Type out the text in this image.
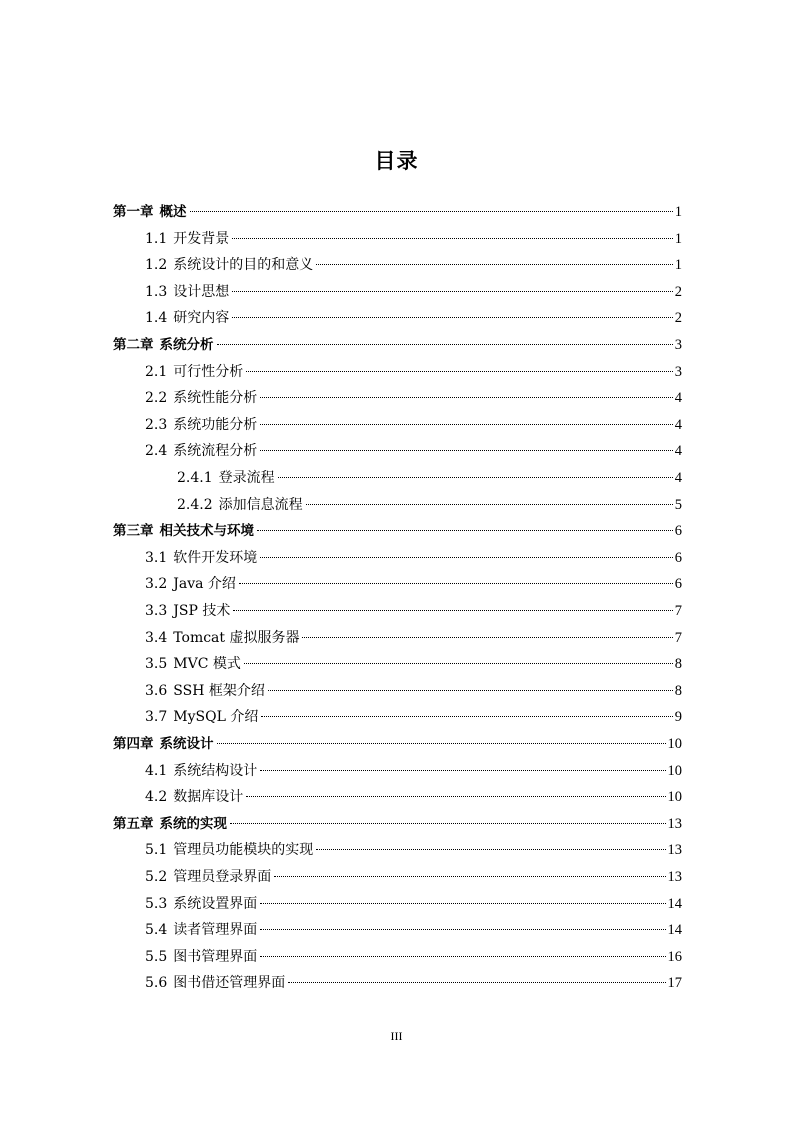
目录
第一章 概述	1
1.1 开发背景	1
1.2 系统设计的目的和意义	1
1.3 设计思想	2
1.4 研究内容	2
第二章 系统分析	3
2.1 可行性分析	3
2.2 系统性能分析	4
2.3 系统功能分析	4
2.4 系统流程分析	4
2.4.1 登录流程	4
2.4.2 添加信息流程	5
第三章 相关技术与环境	6
3.1 软件开发环境	6
3.2 Java 介绍	6
3.3 JSP 技术	7
3.4 Tomcat 虚拟服务器	7
3.5 MVC 模式	8
3.6 SSH 框架介绍	8
3.7 MySQL 介绍	9
第四章 系统设计	10
4.1 系统结构设计	10
4.2 数据库设计	10
第五章 系统的实现	13
5.1 管理员功能模块的实现	13
5.2 管理员登录界面	13
5.3 系统设置界面	14
5.4 读者管理界面	14
5.5 图书管理界面	16
5.6 图书借还管理界面	17
III
